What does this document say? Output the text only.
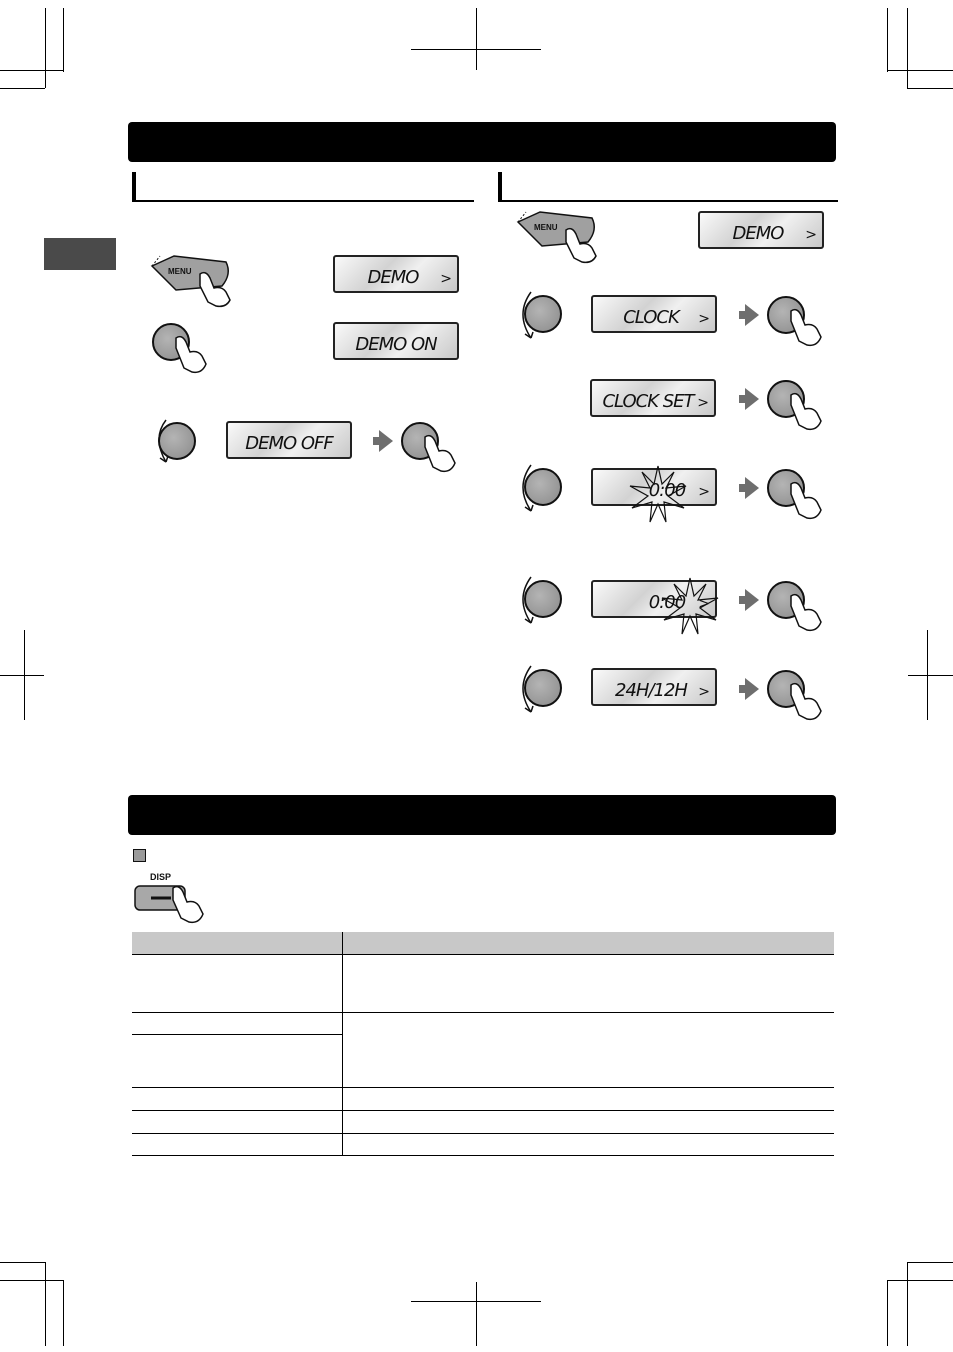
MENU	DEMO	>
DEMO ON
DEMO OFF
MENU	DEMO	>
CLOCK	>
CLOCK SET >
0:00 >
0:00 >
24H/12H >
DISP
